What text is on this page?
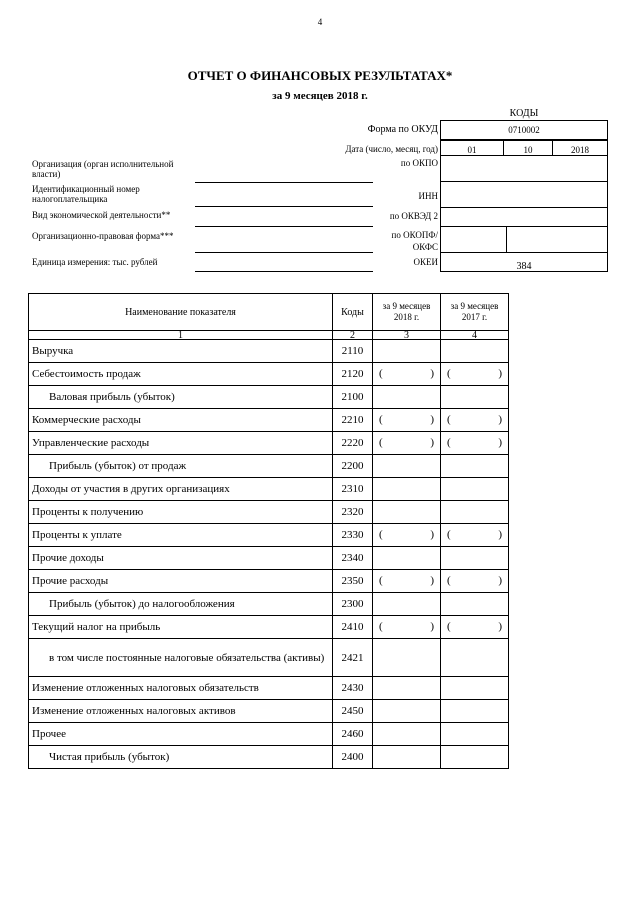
4
ОТЧЕТ О ФИНАНСОВЫХ РЕЗУЛЬТАТАХ*
за 9 месяцев 2018 г.
КОДЫ
Форма по ОКУД	0710002
Дата (число, месяц, год)	01	10	2018
по ОКПО
ИНН
по ОКВЭД 2
по ОКОПФ/
ОКФС
ОКЕИ	384
Организация (орган исполнительной власти)
Идентификационный номер налогоплательщика
Вид экономической деятельности**
Организационно-правовая форма***
Единица измерения: тыс. рублей
Наименование показателя	Коды	за 9 месяцев 2018 г.	за 9 месяцев 2017 г.
1	2	3	4
Выручка	2110		
Себестоимость продаж	2120	( )	( )

Валовая прибыль (убыток)	2100		
Коммерческие расходы	2210	( )	( )

Управленческие расходы	2220	( )	( )

Прибыль (убыток) от продаж	2200		
Доходы от участия в других организациях	2310		
Проценты к получению	2320		
Проценты к уплате	2330	( )	( )

Прочие доходы	2340		
Прочие расходы	2350	( )	( )

Прибыль (убыток) до налогообложения	2300		
Текущий налог на прибыль	2410	( )	( )

в том числе постоянные налоговые обязательства (активы)	2421		
Изменение отложенных налоговых обязательств	2430		
Изменение отложенных налоговых активов	2450		
Прочее	2460		
Чистая прибыль (убыток)	2400		
